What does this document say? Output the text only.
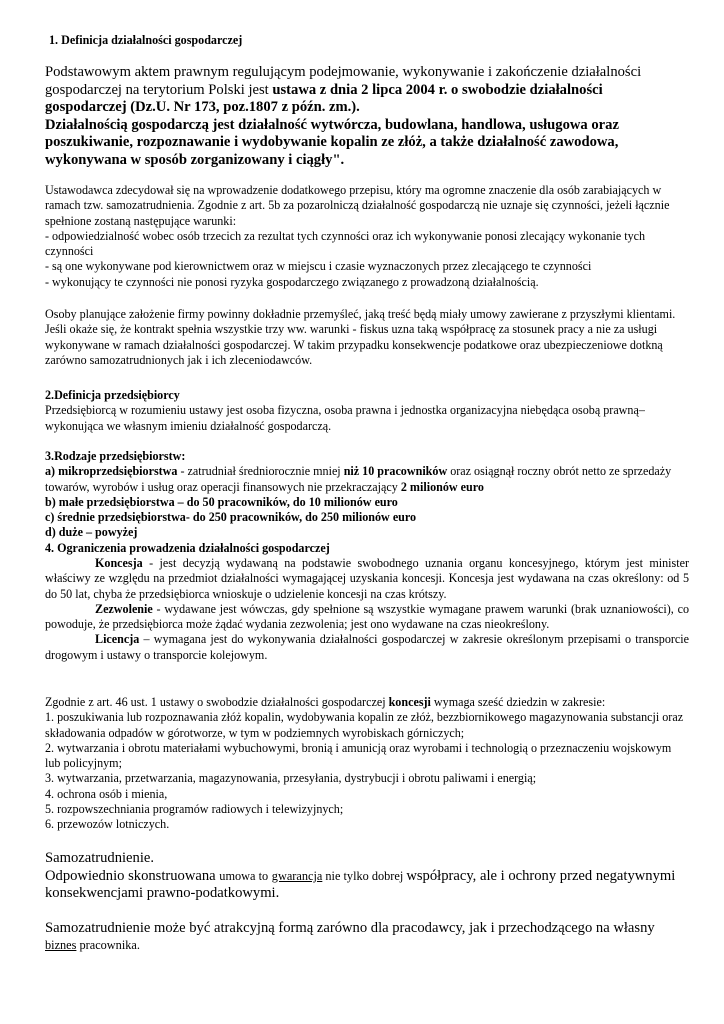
1. Definicja działalności gospodarczej

Podstawowym aktem prawnym regulującym podejmowanie, wykonywanie i zakończenie działalności gospodarczej na terytorium Polski jest ustawa z dnia 2 lipca 2004 r. o swobodzie działalności gospodarczej (Dz.U. Nr 173, poz.1807 z późn. zm.).
Działalnością gospodarczą jest działalność wytwórcza, budowlana, handlowa, usługowa oraz poszukiwanie, rozpoznawanie i wydobywanie kopalin ze złóż, a także działalność zawodowa, wykonywana w sposób zorganizowany i ciągły".

Ustawodawca zdecydował się na wprowadzenie dodatkowego przepisu, który ma ogromne znaczenie dla osób zarabiających w ramach tzw. samozatrudnienia. Zgodnie z art. 5b za pozarolniczą działalność gospodarczą nie uznaje się czynności, jeżeli łącznie spełnione zostaną następujące warunki:

- odpowiedzialność wobec osób trzecich za rezultat tych czynności oraz ich wykonywanie ponosi zlecający wykonanie tych czynności

- są one wykonywane pod kierownictwem oraz w miejscu i czasie wyznaczonych przez zlecającego te czynności

- wykonujący te czynności nie ponosi ryzyka gospodarczego związanego z prowadzoną działalnością.

Osoby planujące założenie firmy powinny dokładnie przemyśleć, jaką treść będą miały umowy zawierane z przyszłymi klientami. Jeśli okaże się, że kontrakt spełnia wszystkie trzy ww. warunki - fiskus uzna taką współpracę za stosunek pracy a nie za usługi wykonywane w ramach działalności gospodarczej. W takim przypadku konsekwencje podatkowe oraz ubezpieczeniowe dotkną zarówno samozatrudnionych jak i ich zleceniodawców.

2.Definicja przedsiębiorcy

Przedsiębiorcą w rozumieniu ustawy jest osoba fizyczna, osoba prawna i jednostka organizacyjna niebędąca osobą prawną– wykonująca we własnym imieniu działalność gospodarczą.

3.Rodzaje przedsiębiorstw:

a) mikroprzedsiębiorstwa - zatrudniał średniorocznie mniej niż 10 pracowników oraz osiągnął roczny obrót netto ze sprzedaży towarów, wyrobów i usług oraz operacji finansowych nie przekraczający 2 milionów euro

b) małe przedsiębiorstwa – do 50 pracowników, do 10 milionów euro

c) średnie przedsiębiorstwa- do 250 pracowników, do 250 milionów euro

d) duże – powyżej

4. Ograniczenia prowadzenia działalności gospodarczej

Koncesja - jest decyzją wydawaną na podstawie swobodnego uznania organu koncesyjnego, którym jest minister właściwy ze względu na przedmiot działalności wymagającej uzyskania koncesji. Koncesja jest wydawana na czas określony: od 5 do 50 lat, chyba że przedsiębiorca wnioskuje o udzielenie koncesji na czas krótszy.

Zezwolenie - wydawane jest wówczas, gdy spełnione są wszystkie wymagane prawem warunki (brak uznaniowości), co powoduje, że przedsiębiorca może żądać wydania zezwolenia; jest ono wydawane na czas nieokreślony.

Licencja – wymagana jest do wykonywania działalności gospodarczej w zakresie określonym przepisami o transporcie drogowym i ustawy o transporcie kolejowym.

Zgodnie z art. 46 ust. 1 ustawy o swobodzie działalności gospodarczej koncesji wymaga sześć dziedzin w zakresie:

1. poszukiwania lub rozpoznawania złóż kopalin, wydobywania kopalin ze złóż, bezzbiornikowego magazynowania substancji oraz składowania odpadów w górotworze, w tym w podziemnych wyrobiskach górniczych;

2. wytwarzania i obrotu materiałami wybuchowymi, bronią i amunicją oraz wyrobami i technologią o przeznaczeniu wojskowym lub policyjnym;

3. wytwarzania, przetwarzania, magazynowania, przesyłania, dystrybucji i obrotu paliwami i energią;

4. ochrona osób i mienia,

5. rozpowszechniania programów radiowych i telewizyjnych;

6. przewozów lotniczych.

Samozatrudnienie.

Odpowiednio skonstruowana umowa to gwarancja nie tylko dobrej współpracy, ale i ochrony przed negatywnymi konsekwencjami prawno-podatkowymi.

Samozatrudnienie może być atrakcyjną formą zarówno dla pracodawcy, jak i przechodzącego na własny biznes pracownika.
